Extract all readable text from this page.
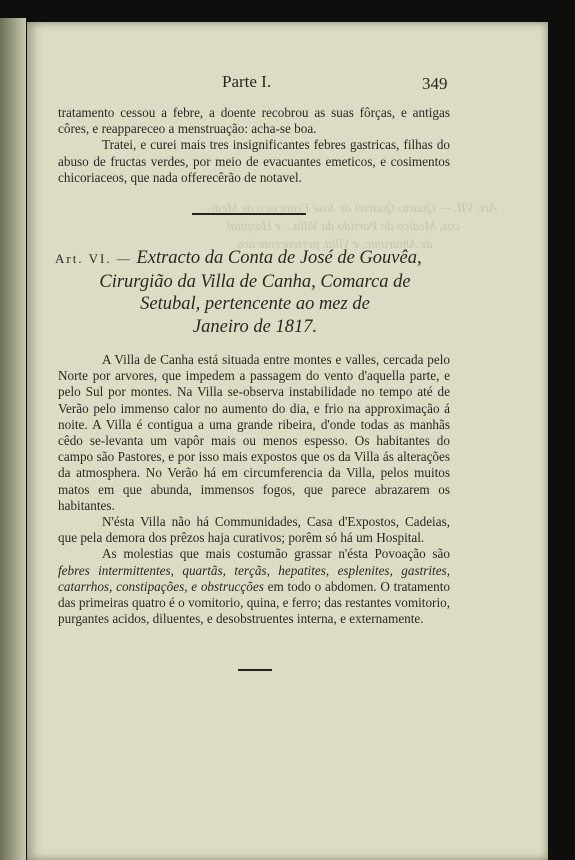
Art. VII. — Quarto Quartel de José Francisco de Medi-
cos, Medico do Partido da Villa... e Hospital
de Almirante, e Villa, pertencente aos
Parte I.	349

tratamento cessou a febre, a doente recobrou as suas fôrças, e antigas côres, e reappareceo a menstruação: acha-se boa.

Tratei, e curei mais tres insignificantes febres gastricas, filhas do abuso de fructas verdes, por meio de evacuantes emeticos, e cosimentos chicoriaceos, que nada offerecêrão de notavel.

Art. VI. — Extracto da Conta de José de Gouvêa,
Cirurgião da Villa de Canha, Comarca de
Setubal, pertencente ao mez de
Janeiro de 1817.

A Villa de Canha está situada entre montes e valles, cercada pelo Norte por arvores, que impedem a passagem do vento d'aquella parte, e pelo Sul por montes. Na Villa se-observa instabilidade no tempo até de Verão pelo immenso calor no aumento do dia, e frio na approximação á noite. A Villa é contigua a uma grande ribeira, d'onde todas as manhãs cêdo se-levanta um vapôr mais ou menos espesso. Os habitantes do campo são Pastores, e por isso mais expostos que os da Villa ás alterações da atmosphera. No Verão há em circumferencia da Villa, pelos muitos matos em que abunda, immensos fogos, que parece abrazarem os habitantes.

N'ésta Villa não há Communidades, Casa d'Expostos, Cadeias, que pela demora dos prêzos haja curativos; porêm só há um Hospital.

As molestias que mais costumão grassar n'ésta Povoação são febres intermittentes, quartãs, terçãs, hepatites, esplenites, gastrites, catarrhos, constipações, e obstrucções em todo o abdomen. O tratamento das primeiras quatro é o vomitorio, quina, e ferro; das restantes vomitorio, purgantes acidos, diluentes, e desobstruentes interna, e externamente.
